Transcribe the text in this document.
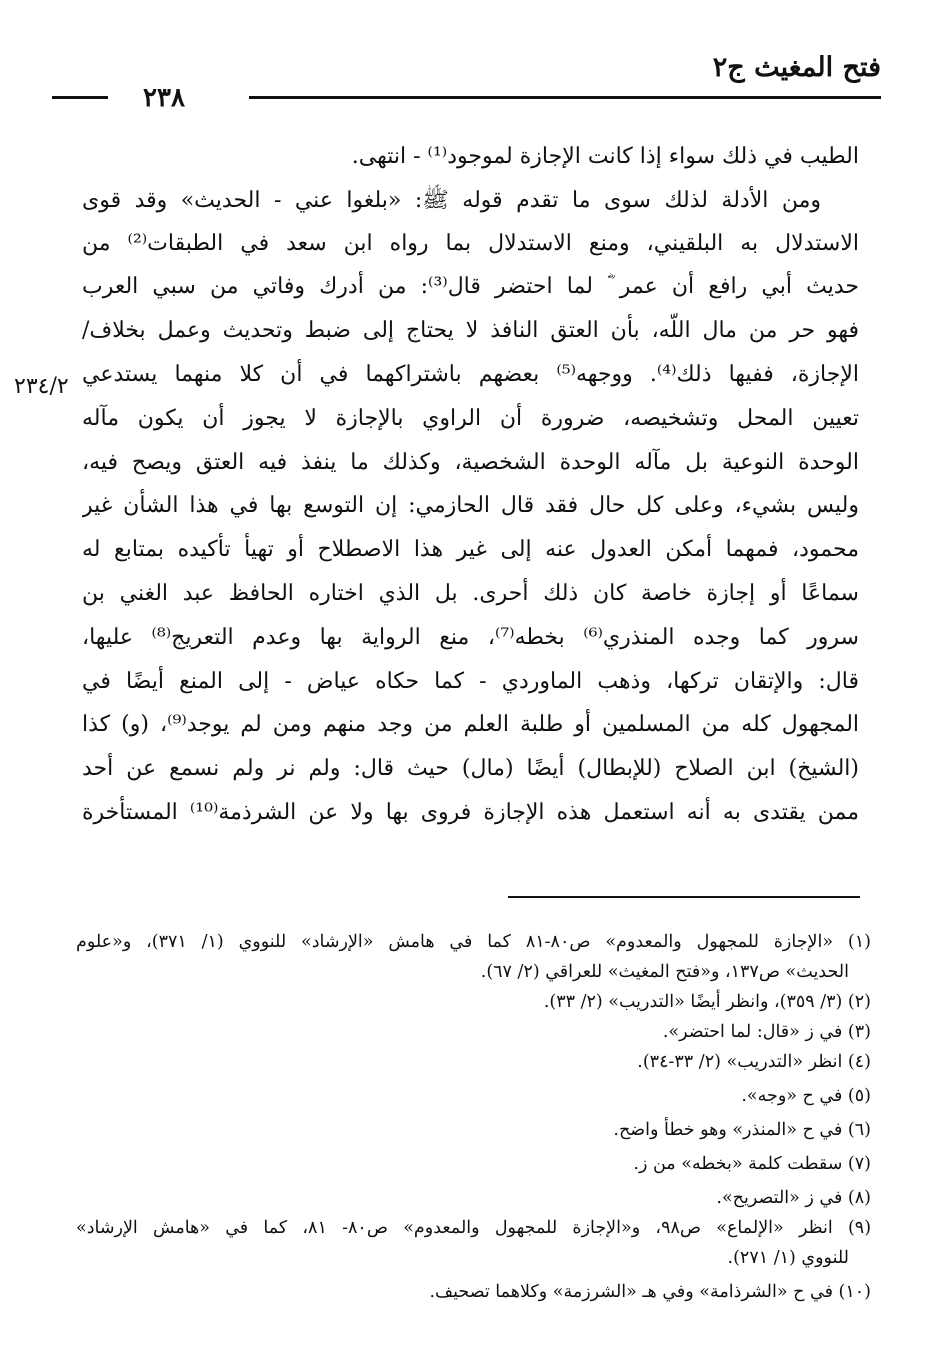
فتح المغيث ج٢
٢٣٨
٢٣٤/٢
الطيب في ذلك سواء إذا كانت الإجازة لموجود⁽¹⁾ - انتهى.
ومن الأدلة لذلك سوى ما تقدم قوله ﷺ: «بلغوا عني - الحديث» وقد قوى
الاستدلال به البلقيني، ومنع الاستدلال بما رواه ابن سعد في الطبقات⁽²⁾ من
حديث أبي رافع أن عمر ؓ لما احتضر قال⁽³⁾: من أدرك وفاتي من سبي العرب
فهو حر من مال اللّه، بأن العتق النافذ لا يحتاج إلى ضبط وتحديث وعمل بخلاف/
الإجازة، ففيها ذلك⁽⁴⁾. ووجهه⁽⁵⁾ بعضهم باشتراكهما في أن كلا منهما يستدعي
تعيين المحل وتشخيصه، ضرورة أن الراوي بالإجازة لا يجوز أن يكون مآله
الوحدة النوعية بل مآله الوحدة الشخصية، وكذلك ما ينفذ فيه العتق ويصح فيه،
وليس بشيء، وعلى كل حال فقد قال الحازمي: إن التوسع بها في هذا الشأن غير
محمود، فمهما أمكن العدول عنه إلى غير هذا الاصطلاح أو تهيأ تأكيده بمتابع له
سماعًا أو إجازة خاصة كان ذلك أحرى. بل الذي اختاره الحافظ عبد الغني بن
سرور كما وجده المنذري⁽⁶⁾ بخطه⁽⁷⁾، منع الرواية بها وعدم التعريج⁽⁸⁾ عليها،
قال: والإتقان تركها، وذهب الماوردي - كما حكاه عياض - إلى المنع أيضًا في
المجهول كله من المسلمين أو طلبة العلم من وجد منهم ومن لم يوجد⁽⁹⁾، (و) كذا
(الشيخ) ابن الصلاح (للإبطال) أيضًا (مال) حيث قال: ولم نر ولم نسمع عن أحد
ممن يقتدى به أنه استعمل هذه الإجازة فروى بها ولا عن الشرذمة⁽¹⁰⁾ المستأخرة
(١) «الإجازة للمجهول والمعدوم» ص٨٠-٨١ كما في هامش «الإرشاد» للنووي (١/ ٣٧١)، و«علوم
الحديث» ص١٣٧، و«فتح المغيث» للعراقي (٢/ ٦٧).
(٢) (٣/ ٣٥٩)، وانظر أيضًا «التدريب» (٢/ ٣٣).
(٣) في ز «قال: لما احتضر».
(٤) انظر «التدريب» (٢/ ٣٣-٣٤).
(٥) في ح «وجه».
(٦) في ح «المنذر» وهو خطأ واضح.
(٧) سقطت كلمة «بخطه» من ز.
(٨) في ز «التصريح».
(٩) انظر «الإلماع» ص٩٨، و«الإجازة للمجهول والمعدوم» ص٨٠- ٨١، كما في «هامش الإرشاد»
للنووي (١/ ٢٧١).
(١٠) في ح «الشرذامة» وفي هـ «الشرزمة» وكلاهما تصحيف.
